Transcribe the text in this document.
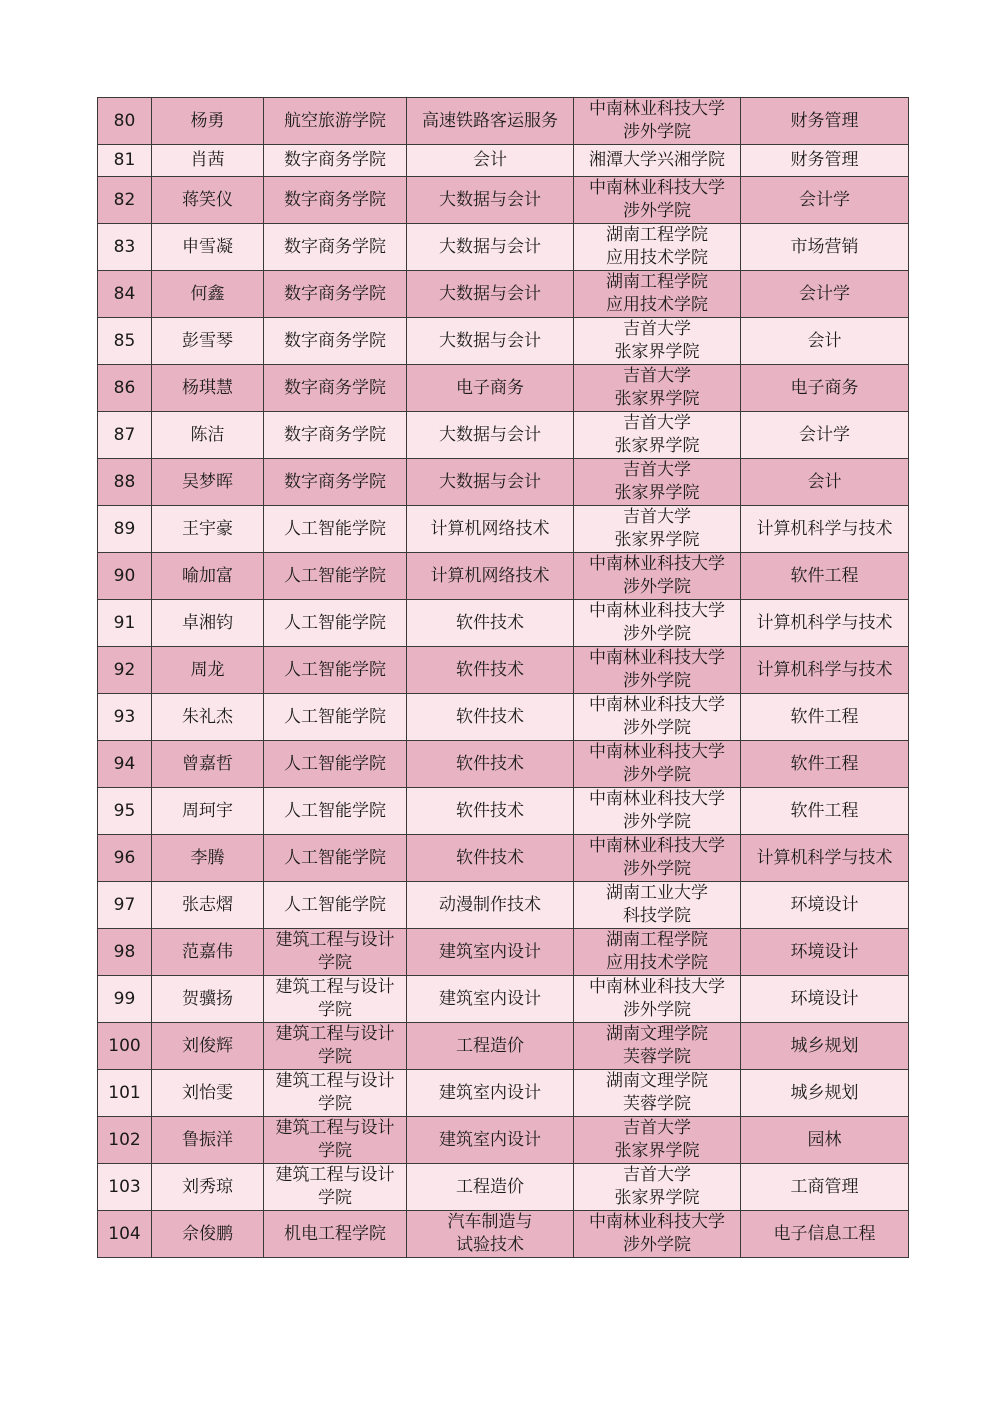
80	杨勇	航空旅游学院	高速铁路客运服务	中南林业科技大学
涉外学院	财务管理

81	肖茜	数字商务学院	会计	湘潭大学兴湘学院	财务管理

82	蒋笑仪	数字商务学院	大数据与会计	中南林业科技大学
涉外学院	会计学

83	申雪凝	数字商务学院	大数据与会计	湖南工程学院
应用技术学院	市场营销

84	何鑫	数字商务学院	大数据与会计	湖南工程学院
应用技术学院	会计学

85	彭雪琴	数字商务学院	大数据与会计	吉首大学
张家界学院	会计

86	杨琪慧	数字商务学院	电子商务	吉首大学
张家界学院	电子商务

87	陈洁	数字商务学院	大数据与会计	吉首大学
张家界学院	会计学

88	吴梦晖	数字商务学院	大数据与会计	吉首大学
张家界学院	会计

89	王宇豪	人工智能学院	计算机网络技术	吉首大学
张家界学院	计算机科学与技术

90	喻加富	人工智能学院	计算机网络技术	中南林业科技大学
涉外学院	软件工程

91	卓湘钧	人工智能学院	软件技术	中南林业科技大学
涉外学院	计算机科学与技术

92	周龙	人工智能学院	软件技术	中南林业科技大学
涉外学院	计算机科学与技术

93	朱礼杰	人工智能学院	软件技术	中南林业科技大学
涉外学院	软件工程

94	曾嘉哲	人工智能学院	软件技术	中南林业科技大学
涉外学院	软件工程

95	周珂宇	人工智能学院	软件技术	中南林业科技大学
涉外学院	软件工程

96	李腾	人工智能学院	软件技术	中南林业科技大学
涉外学院	计算机科学与技术

97	张志熠	人工智能学院	动漫制作技术	湖南工业大学
科技学院	环境设计

98	范嘉伟	建筑工程与设计
学院	建筑室内设计	湖南工程学院
应用技术学院	环境设计

99	贺骥扬	建筑工程与设计
学院	建筑室内设计	中南林业科技大学
涉外学院	环境设计

100	刘俊辉	建筑工程与设计
学院	工程造价	湖南文理学院
芙蓉学院	城乡规划

101	刘怡雯	建筑工程与设计
学院	建筑室内设计	湖南文理学院
芙蓉学院	城乡规划

102	鲁振洋	建筑工程与设计
学院	建筑室内设计	吉首大学
张家界学院	园林

103	刘秀琼	建筑工程与设计
学院	工程造价	吉首大学
张家界学院	工商管理

104	佘俊鹏	机电工程学院	汽车制造与
试验技术	中南林业科技大学
涉外学院	电子信息工程
